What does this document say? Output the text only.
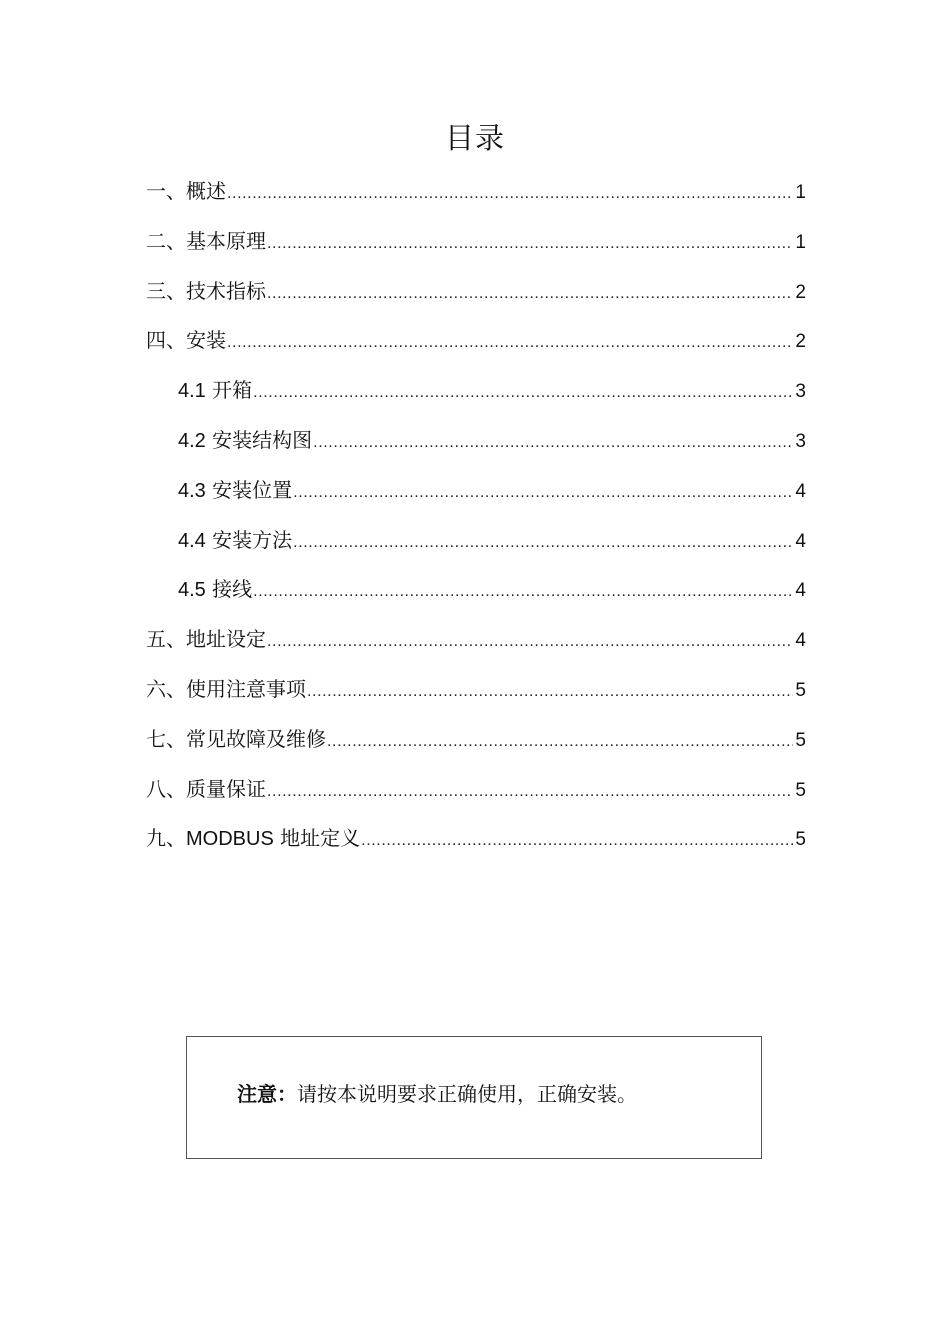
目录
一、概述 .....	1
二、基本原理 .....	1
三、技术指标 .....	2
四、安装 .....	2
4.1 开箱 .....	3
4.2 安装结构图 .....	3
4.3 安装位置 .....	4
4.4 安装方法 .....	4
4.5 接线 .....	4
五、地址设定 .....	4
六、使用注意事项 .....	5
七、常见故障及维修 .....	5
八、质量保证 .....	5
九、MODBUS 地址定义 .....	5
注意：请按本说明要求正确使用，正确安装。
